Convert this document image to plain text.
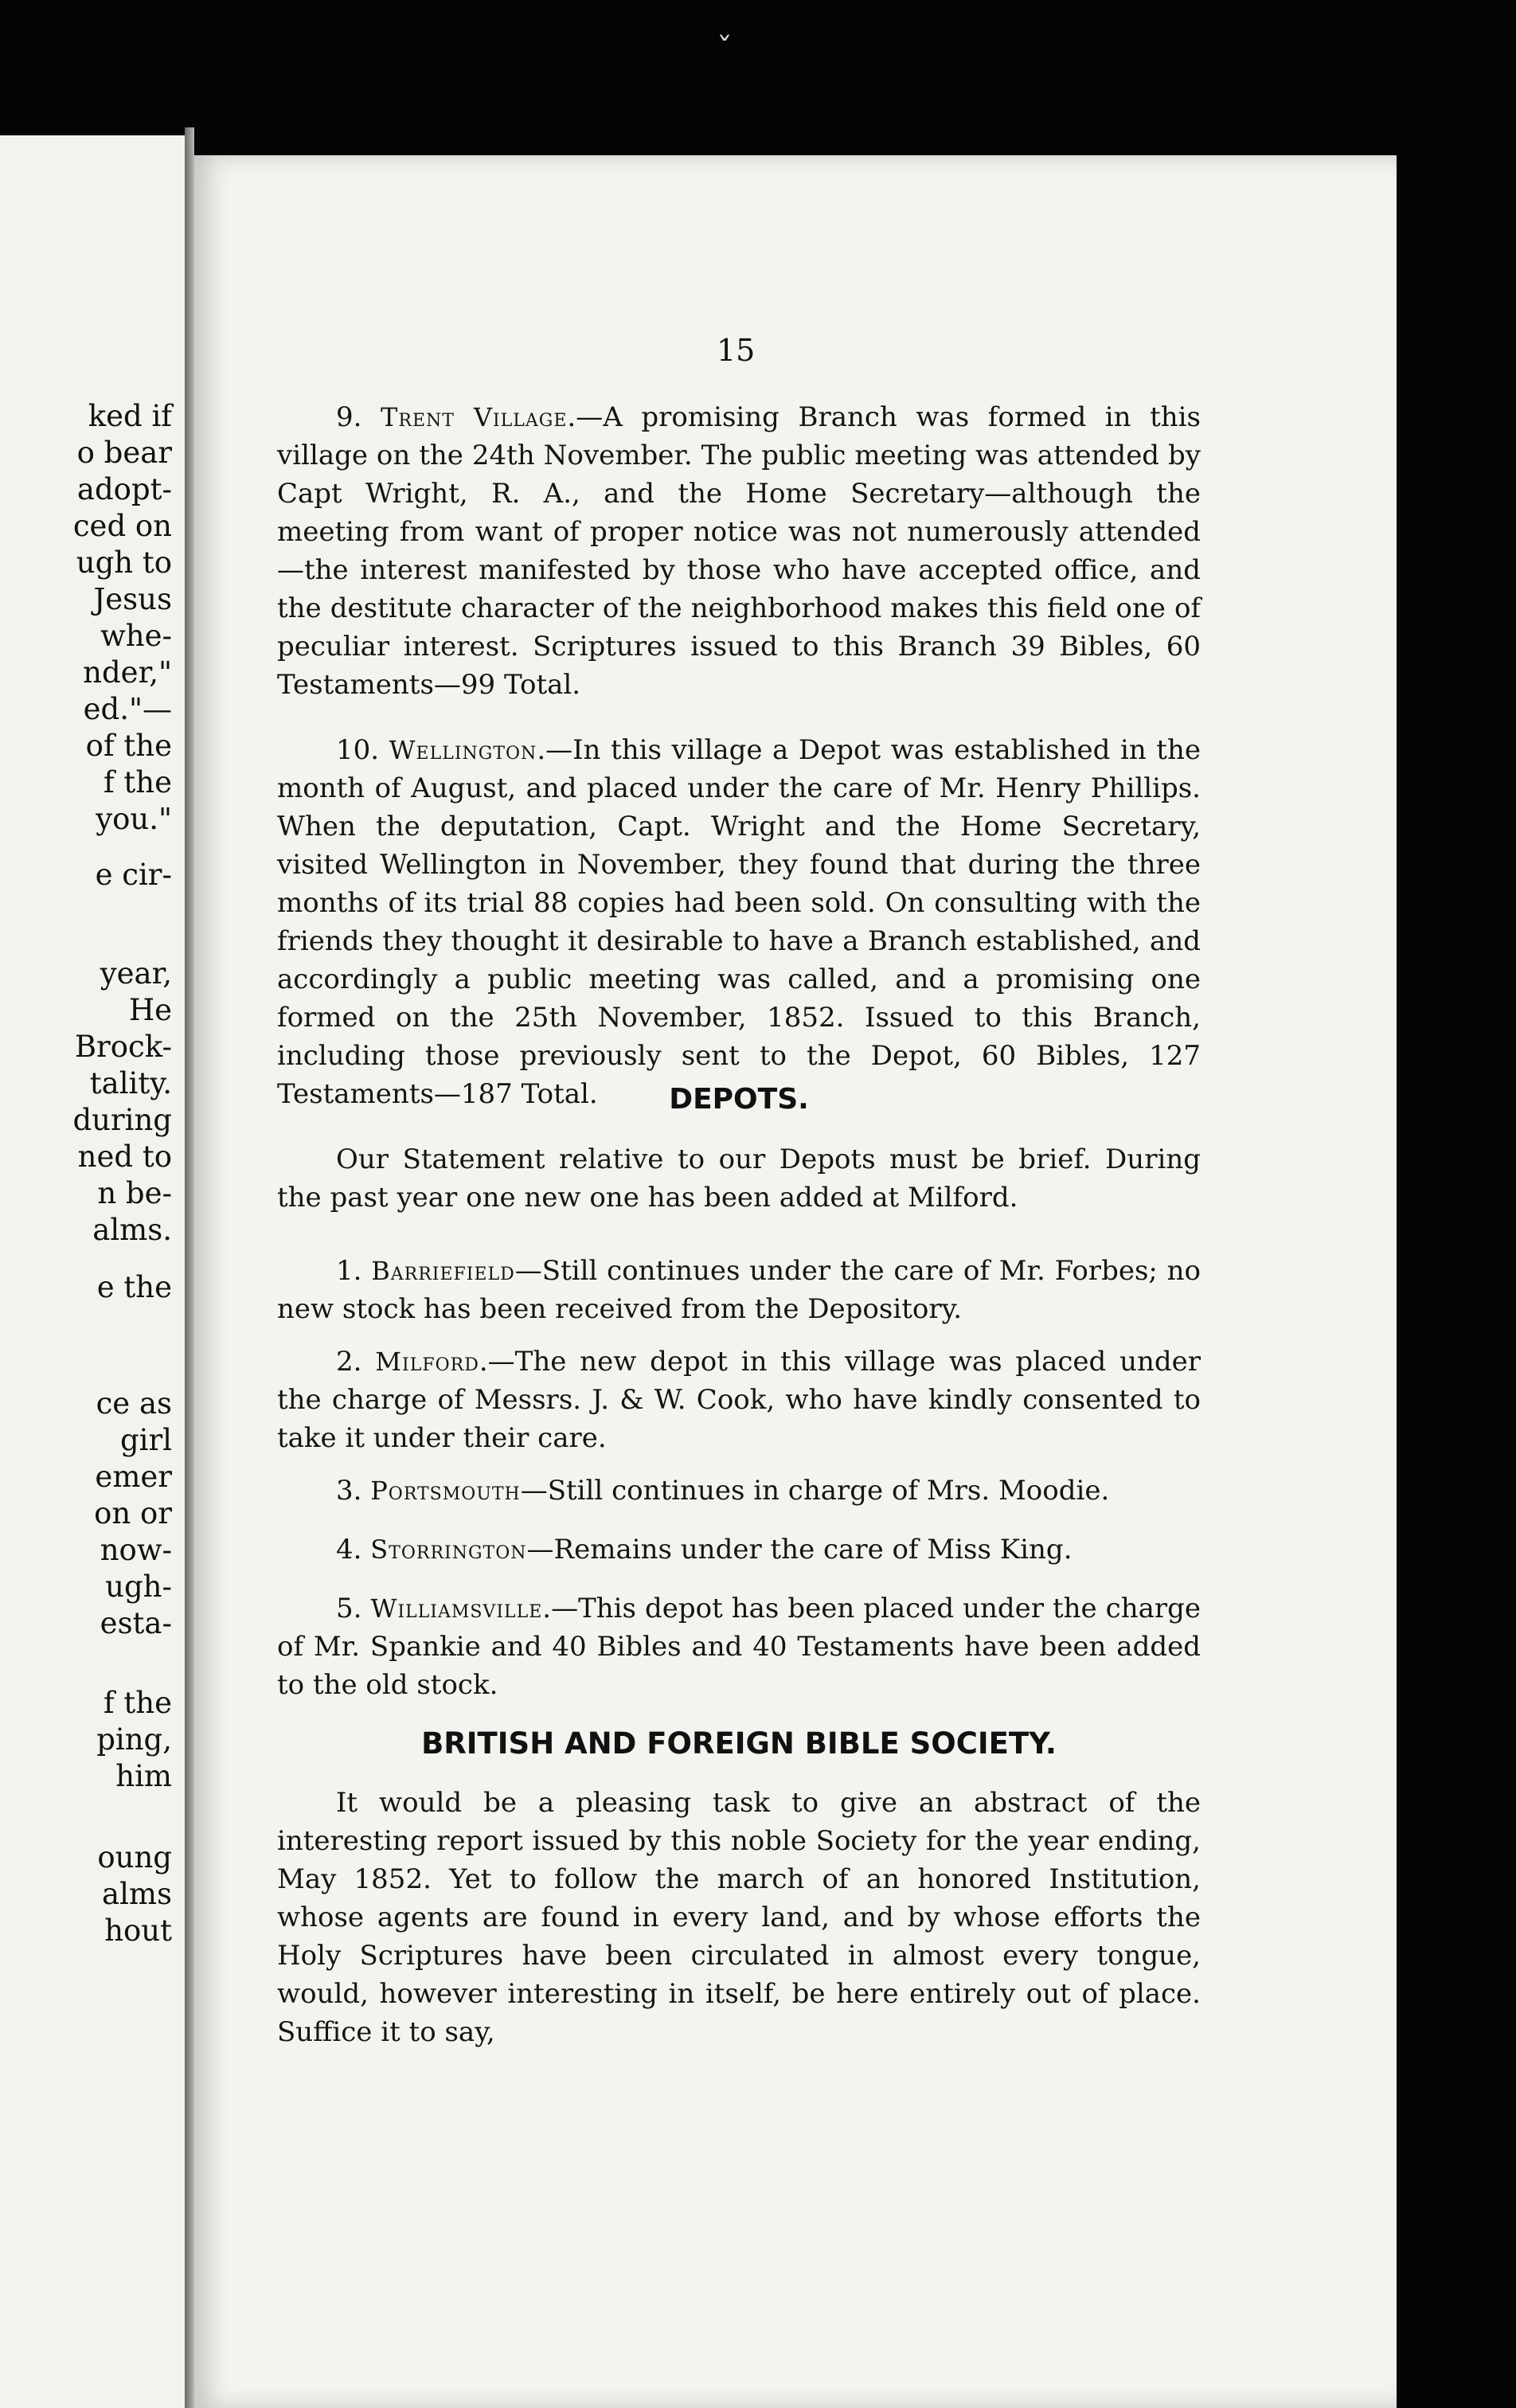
ked if
o bear
adopt-
ced on
ugh to
Jesus
whe-
nder,"
ed."—
of the
f the
you."
e cir-
year,
He
Brock-
tality.
during
ned to
n be-
alms.
e the
ce as
girl
emer
on or
now-
ugh-
esta-
f the
ping,
him
oung
alms
hout
ˇ
15

9. Trent Village.—A promising Branch was formed in this village on the 24th November. The public meeting was attended by Capt Wright, R. A., and the Home Secretary—although the meeting from want of proper notice was not numerously attended—the interest manifested by those who have accepted office, and the destitute character of the neighborhood makes this field one of peculiar interest. Scriptures issued to this Branch 39 Bibles, 60 Testaments—99 Total.

10. Wellington.—In this village a Depot was established in the month of August, and placed under the care of Mr. Henry Phillips. When the deputation, Capt. Wright and the Home Secretary, visited Wellington in November, they found that during the three months of its trial 88 copies had been sold. On consulting with the friends they thought it desirable to have a Branch established, and accordingly a public meeting was called, and a promising one formed on the 25th November, 1852. Issued to this Branch, including those previously sent to the Depot, 60 Bibles, 127 Testaments—187 Total.	DEPOTS.

Our Statement relative to our Depots must be brief. During the past year one new one has been added at Milford.

1. Barriefield—Still continues under the care of Mr. Forbes; no new stock has been received from the Depository.

2. Milford.—The new depot in this village was placed under the charge of Messrs. J. & W. Cook, who have kindly consented to take it under their care.

3. Portsmouth—Still continues in charge of Mrs. Moodie.

4. Storrington—Remains under the care of Miss King.

5. Williamsville.—This depot has been placed under the charge of Mr. Spankie and 40 Bibles and 40 Testaments have been added to the old stock.

BRITISH AND FOREIGN BIBLE SOCIETY.

It would be a pleasing task to give an abstract of the interesting report issued by this noble Society for the year ending, May 1852. Yet to follow the march of an honored Institution, whose agents are found in every land, and by whose efforts the Holy Scriptures have been circulated in almost every tongue, would, however interesting in itself, be here entirely out of place. Suffice it to say,
